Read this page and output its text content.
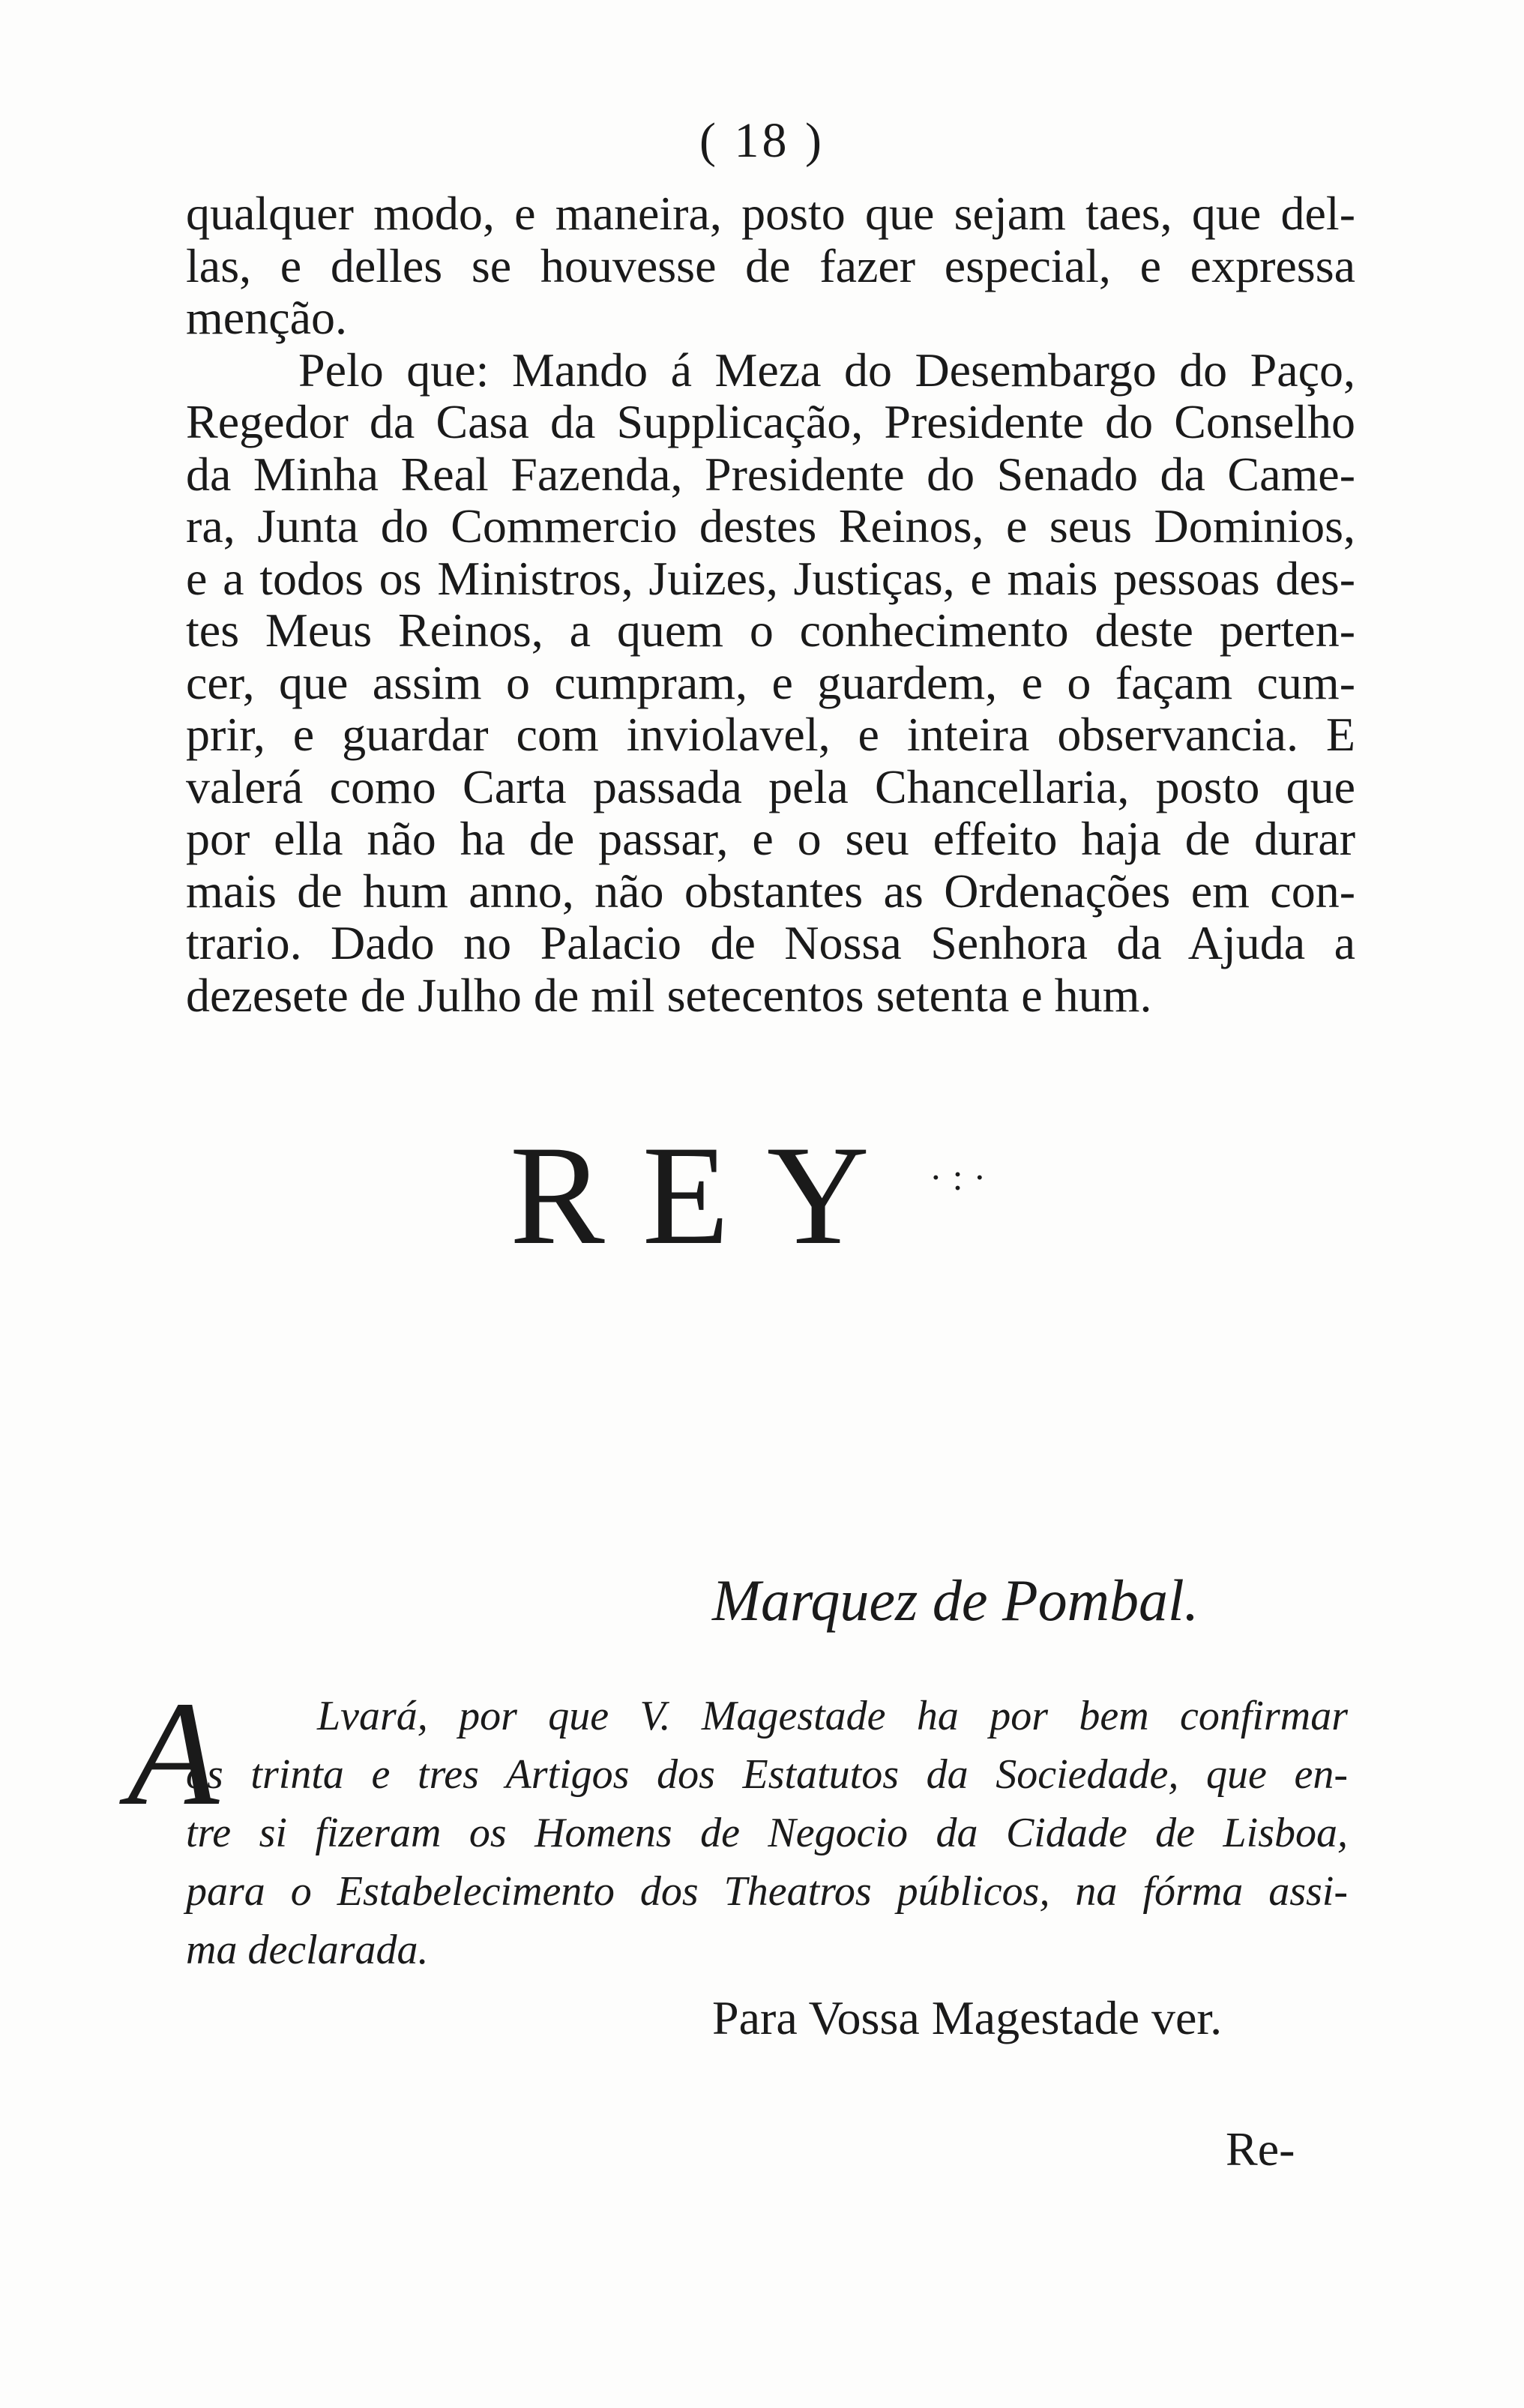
( 18 )
qualquer modo, e maneira, posto que sejam taes, que del-
las, e delles se houvesse de fazer especial, e expressa
menção.
Pelo que: Mando á Meza do Desembargo do Paço,
Regedor da Casa da Supplicação, Presidente do Conselho
da Minha Real Fazenda, Presidente do Senado da Came-
ra, Junta do Commercio destes Reinos, e seus Dominios,
e a todos os Ministros, Juizes, Justiças, e mais pessoas des-
tes Meus Reinos, a quem o conhecimento deste perten-
cer, que assim o cumpram, e guardem, e o façam cum-
prir, e guardar com inviolavel, e inteira observancia. E
valerá como Carta passada pela Chancellaria, posto que
por ella não ha de passar, e o seu effeito haja de durar
mais de hum anno, não obstantes as Ordenações em con-
trario. Dado no Palacio de Nossa Senhora da Ajuda a
dezesete de Julho de mil setecentos setenta e hum.
REY ·:·
Marquez de Pombal.
A	Lvará, por que V. Magestade ha por bem confirmar
os trinta e tres Artigos dos Estatutos da Sociedade, que en-
tre si fizeram os Homens de Negocio da Cidade de Lisboa,
para o Estabelecimento dos Theatros públicos, na fórma assi-
ma declarada.
Para Vossa Magestade ver.
Re-
